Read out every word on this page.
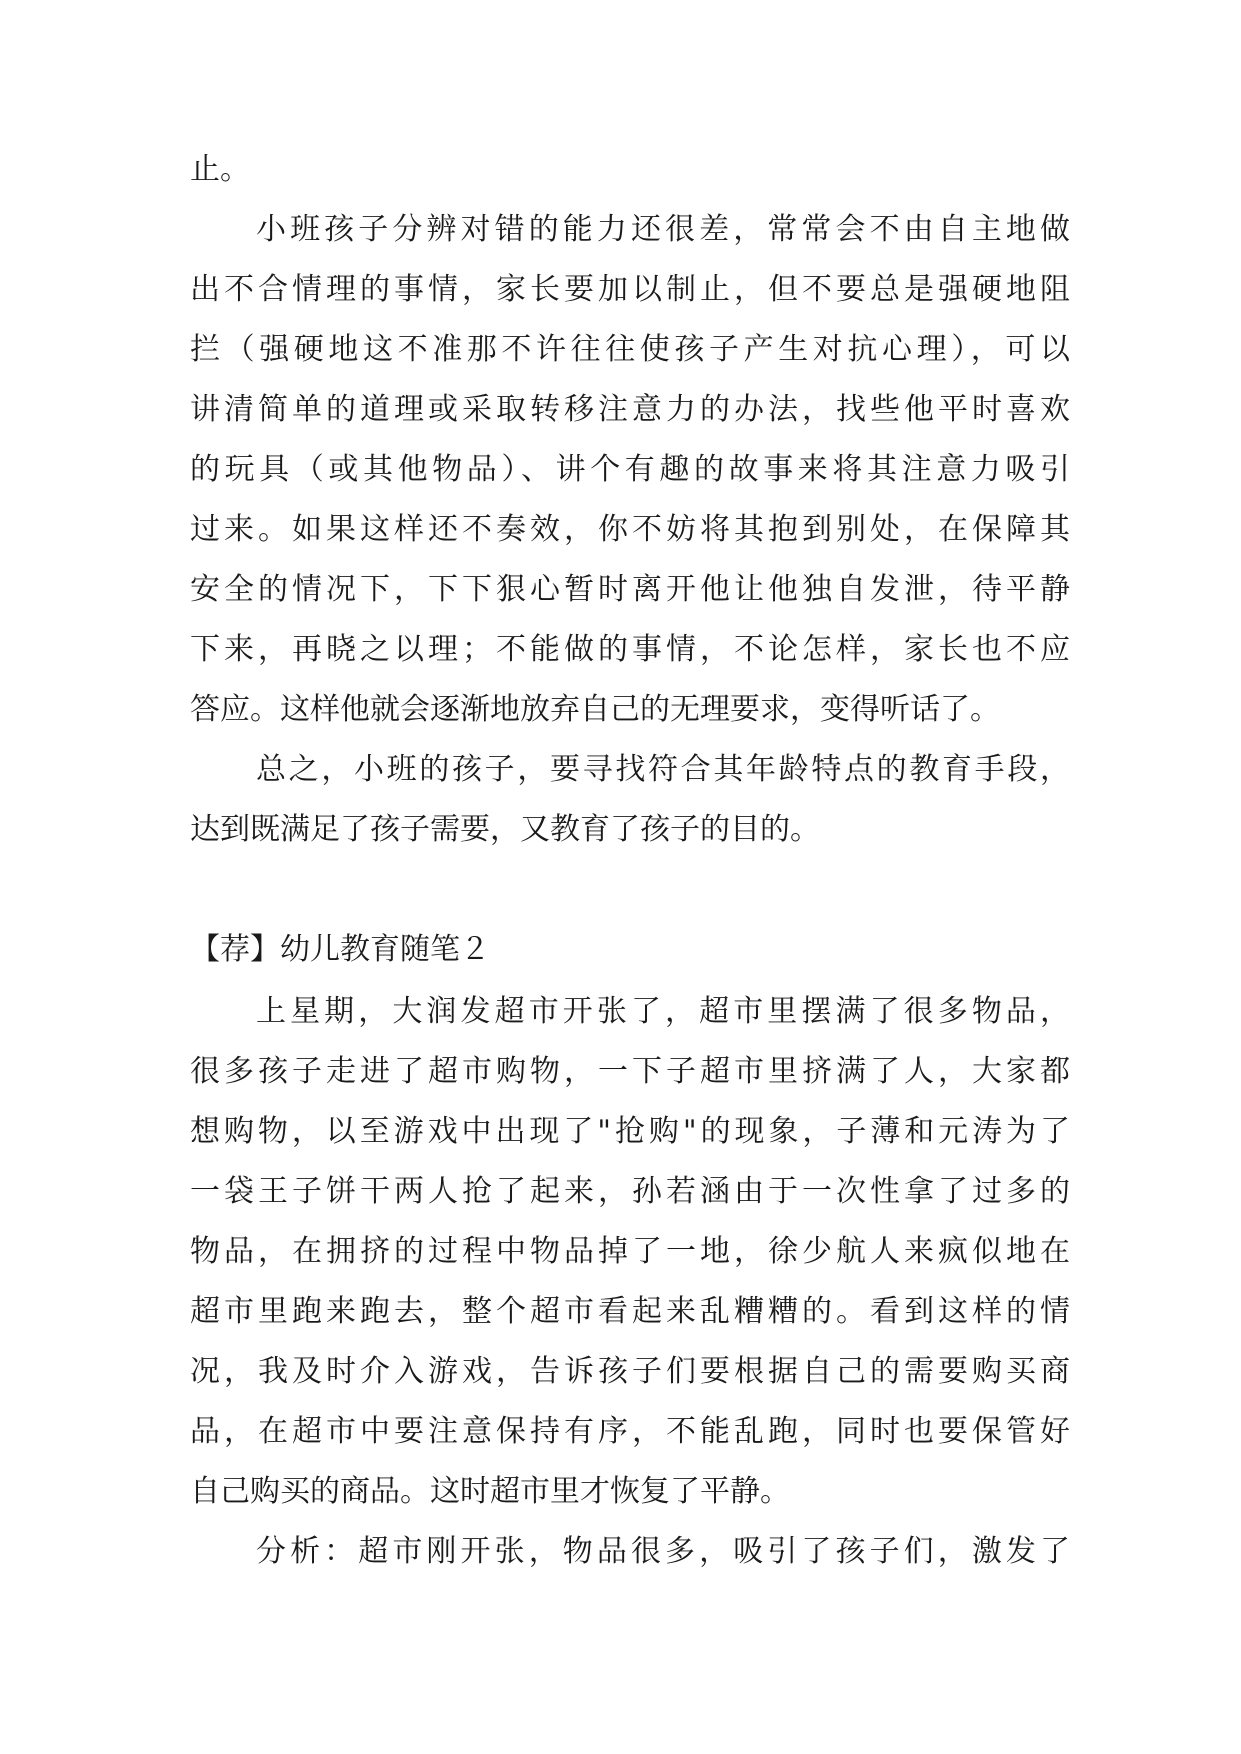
止。
小班孩子分辨对错的能力还很差，常常会不由自主地做
出不合情理的事情，家长要加以制止，但不要总是强硬地阻
拦（强硬地这不准那不许往往使孩子产生对抗心理），可以
讲清简单的道理或采取转移注意力的办法，找些他平时喜欢
的玩具（或其他物品）、讲个有趣的故事来将其注意力吸引
过来。如果这样还不奏效，你不妨将其抱到别处，在保障其
安全的情况下，下下狠心暂时离开他让他独自发泄，待平静
下来，再晓之以理；不能做的事情，不论怎样，家长也不应
答应。这样他就会逐渐地放弃自己的无理要求，变得听话了。
总之，小班的孩子，要寻找符合其年龄特点的教育手段，
达到既满足了孩子需要，又教育了孩子的目的。
【荐】幼儿教育随笔２
上星期，大润发超市开张了，超市里摆满了很多物品，
很多孩子走进了超市购物，一下子超市里挤满了人，大家都
想购物，以至游戏中出现了"抢购"的现象，子薄和元涛为了
一袋王子饼干两人抢了起来，孙若涵由于一次性拿了过多的
物品，在拥挤的过程中物品掉了一地，徐少航人来疯似地在
超市里跑来跑去，整个超市看起来乱糟糟的。看到这样的情
况，我及时介入游戏，告诉孩子们要根据自己的需要购买商
品，在超市中要注意保持有序，不能乱跑，同时也要保管好
自己购买的商品。这时超市里才恢复了平静。
分析：超市刚开张，物品很多，吸引了孩子们，激发了
